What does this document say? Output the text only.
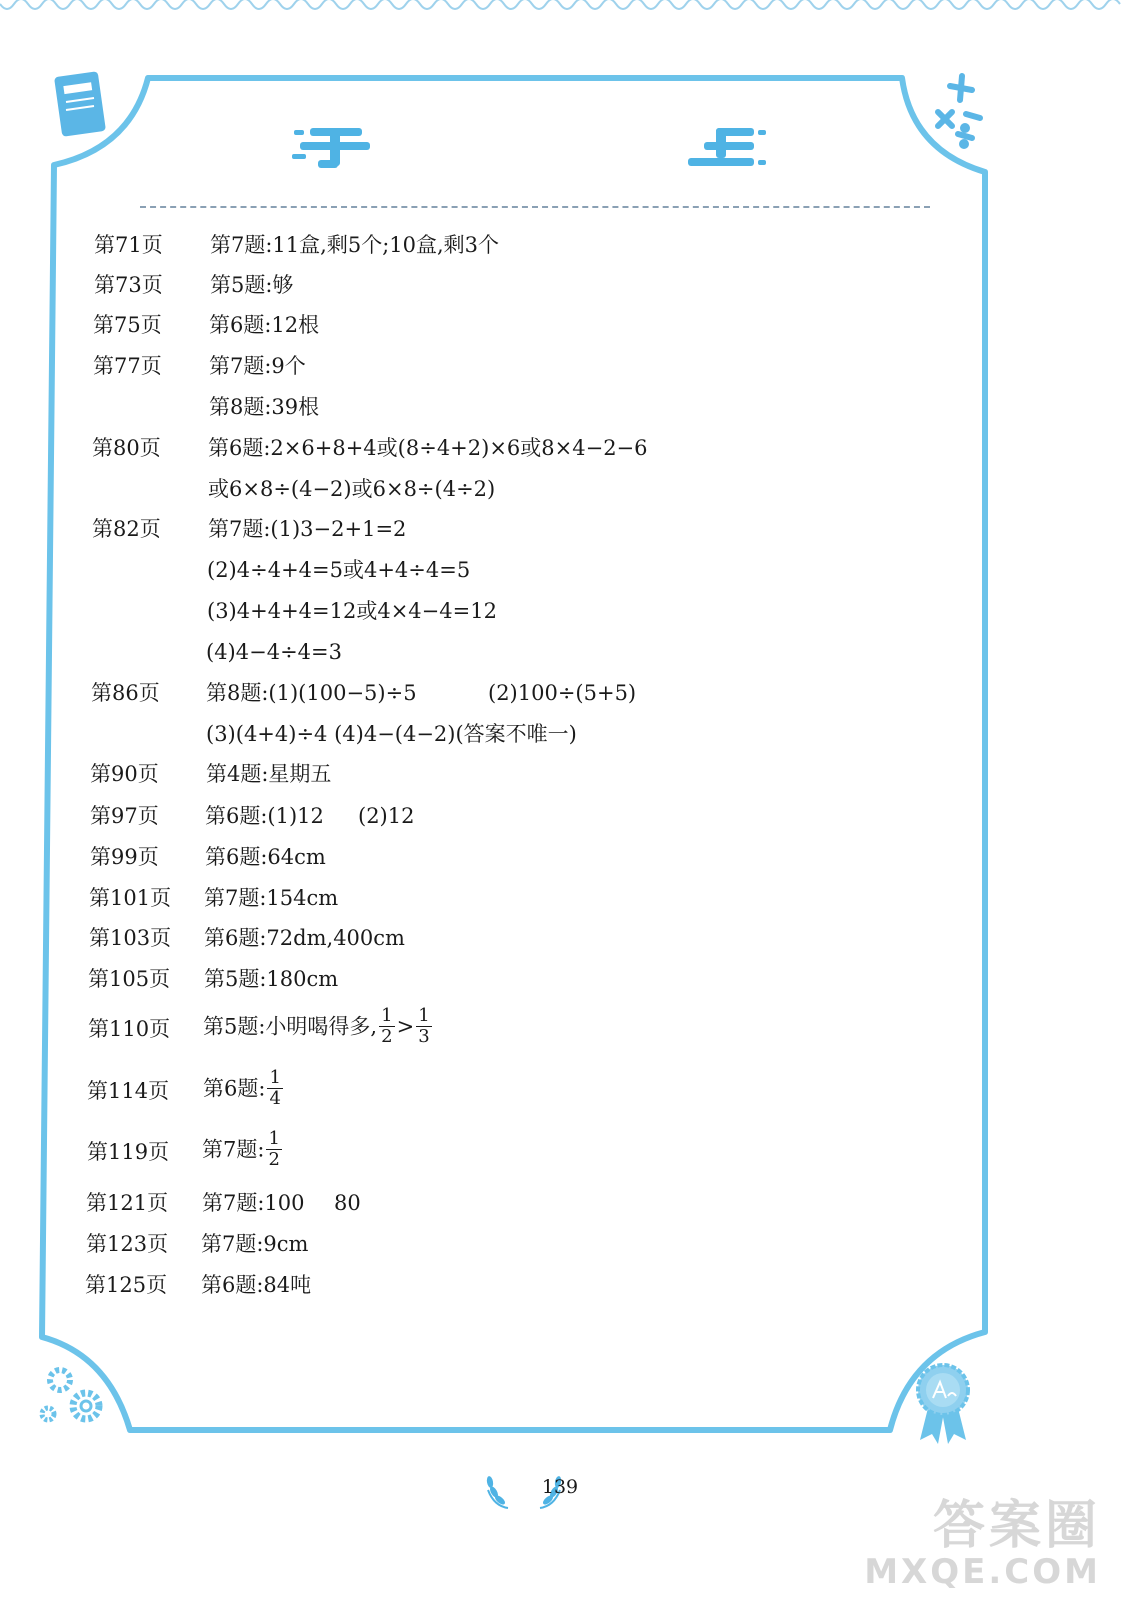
第71页 第7题:11盒,剩5个;10盒,剩3个
第73页 第5题:够
第75页 第6题:12根
第77页 第7题:9个
第8题:39根
第80页 第6题:2×6+8+4或(8÷4+2)×6或8×4−2−6
或6×8÷(4−2)或6×8÷(4÷2)
第82页 第7题:(1)3−2+1=2
(2)4÷4+4=5或4+4÷4=5
(3)4+4+4=12或4×4−4=12
(4)4−4÷4=3
第86页 第8题:(1)(100−5)÷5	(2)100÷(5+5)
(3)(4+4)÷4 (4)4−(4−2)(答案不唯一)
第90页 第4题:星期五
第97页 第6题:(1)12 (2)12
第99页 第6题:64cm
第101页 第7题:154cm
第103页 第6题:72dm,400cm
第105页 第5题:180cm
第110页 第5题:小明喝得多, $\frac{1}{2} > \frac{1}{3}$
第114页 第6题: $\frac{1}{4}$
第119页 第7题: $\frac{1}{2}$
第121页 第7题:100 80
第123页 第7题:9cm
第125页 第6题:84吨
139
答案圈
MXQE.COM
